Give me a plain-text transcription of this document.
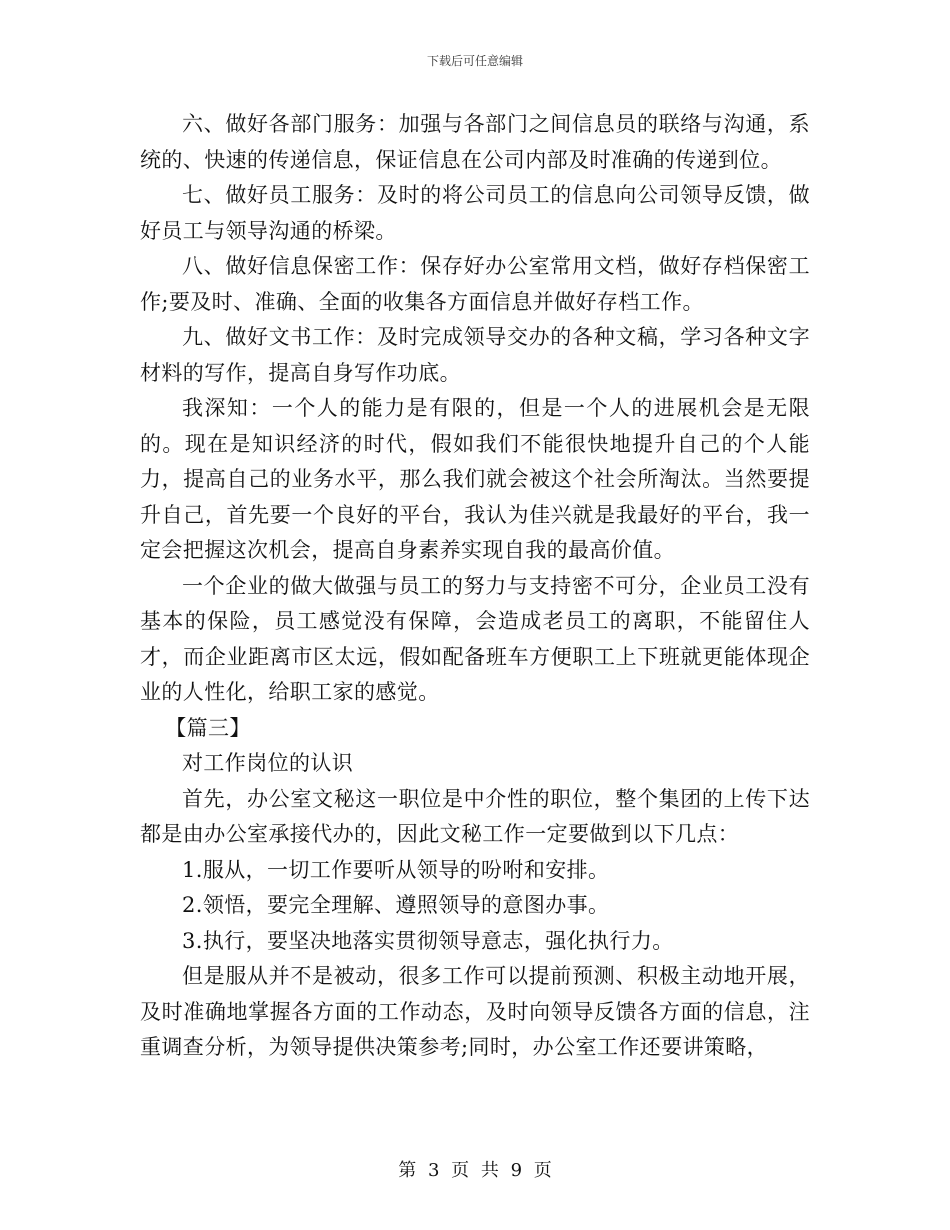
下载后可任意编辑

六、做好各部门服务：加强与各部门之间信息员的联络与沟通，系统的、快速的传递信息，保证信息在公司内部及时准确的传递到位。

七、做好员工服务：及时的将公司员工的信息向公司领导反馈，做好员工与领导沟通的桥梁。

八、做好信息保密工作：保存好办公室常用文档，做好存档保密工作;要及时、准确、全面的收集各方面信息并做好存档工作。

九、做好文书工作：及时完成领导交办的各种文稿，学习各种文字材料的写作，提高自身写作功底。

我深知：一个人的能力是有限的，但是一个人的进展机会是无限的。现在是知识经济的时代，假如我们不能很快地提升自己的个人能力，提高自己的业务水平，那么我们就会被这个社会所淘汰。当然要提升自己，首先要一个良好的平台，我认为佳兴就是我最好的平台，我一定会把握这次机会，提高自身素养实现自我的最高价值。

一个企业的做大做强与员工的努力与支持密不可分，企业员工没有基本的保险，员工感觉没有保障，会造成老员工的离职，不能留住人才，而企业距离市区太远，假如配备班车方便职工上下班就更能体现企业的人性化，给职工家的感觉。

【篇三】

对工作岗位的认识

首先，办公室文秘这一职位是中介性的职位，整个集团的上传下达都是由办公室承接代办的，因此文秘工作一定要做到以下几点：

1.服从，一切工作要听从领导的吩咐和安排。

2.领悟，要完全理解、遵照领导的意图办事。

3.执行，要坚决地落实贯彻领导意志，强化执行力。

但是服从并不是被动，很多工作可以提前预测、积极主动地开展，及时准确地掌握各方面的工作动态，及时向领导反馈各方面的信息，注重调查分析，为领导提供决策参考;同时，办公室工作还要讲策略，

第 3 页 共 9 页
